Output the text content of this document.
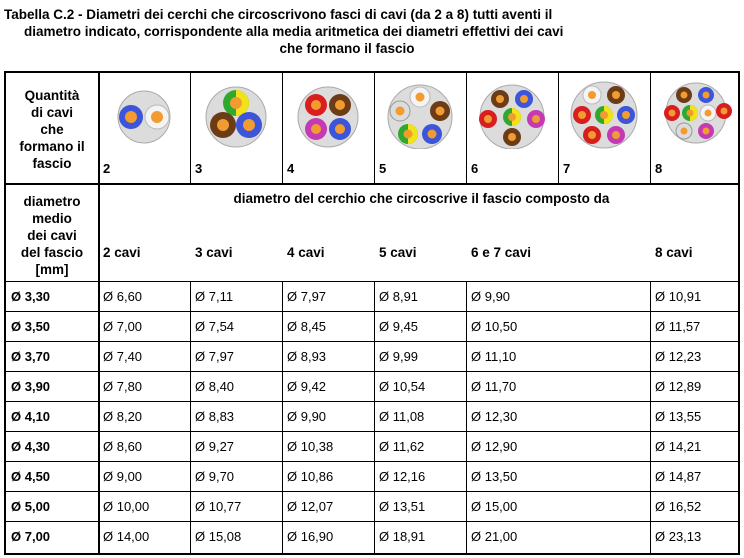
Tabella C.2 - Diametri dei cerchi che circoscrivono fasci di cavi (da 2 a 8) tutti aventi il
diametro indicato, corrispondente alla media aritmetica dei diametri effettivi dei cavi
che formano il fascio
Quantità
di cavi
che
formano il
fascio	2	3	4	5	6	7	8
diametro
medio
dei cavi
del fascio
[mm]
diametro del cerchio che circoscrive il fascio composto da
2 cavi	3 cavi	4 cavi	5 cavi	6 e 7 cavi	8 cavi
Ø 3,30	Ø 6,60	Ø 7,11	Ø 7,97	Ø 8,91	Ø 9,90	Ø 10,91
Ø 3,50	Ø 7,00	Ø 7,54	Ø 8,45	Ø 9,45	Ø 10,50	Ø 11,57
Ø 3,70	Ø 7,40	Ø 7,97	Ø 8,93	Ø 9,99	Ø 11,10	Ø 12,23
Ø 3,90	Ø 7,80	Ø 8,40	Ø 9,42	Ø 10,54	Ø 11,70	Ø 12,89
Ø 4,10	Ø 8,20	Ø 8,83	Ø 9,90	Ø 11,08	Ø 12,30	Ø 13,55
Ø 4,30	Ø 8,60	Ø 9,27	Ø 10,38	Ø 11,62	Ø 12,90	Ø 14,21
Ø 4,50	Ø 9,00	Ø 9,70	Ø 10,86	Ø 12,16	Ø 13,50	Ø 14,87
Ø 5,00	Ø 10,00	Ø 10,77	Ø 12,07	Ø 13,51	Ø 15,00	Ø 16,52
Ø 7,00	Ø 14,00	Ø 15,08	Ø 16,90	Ø 18,91	Ø 21,00	Ø 23,13
